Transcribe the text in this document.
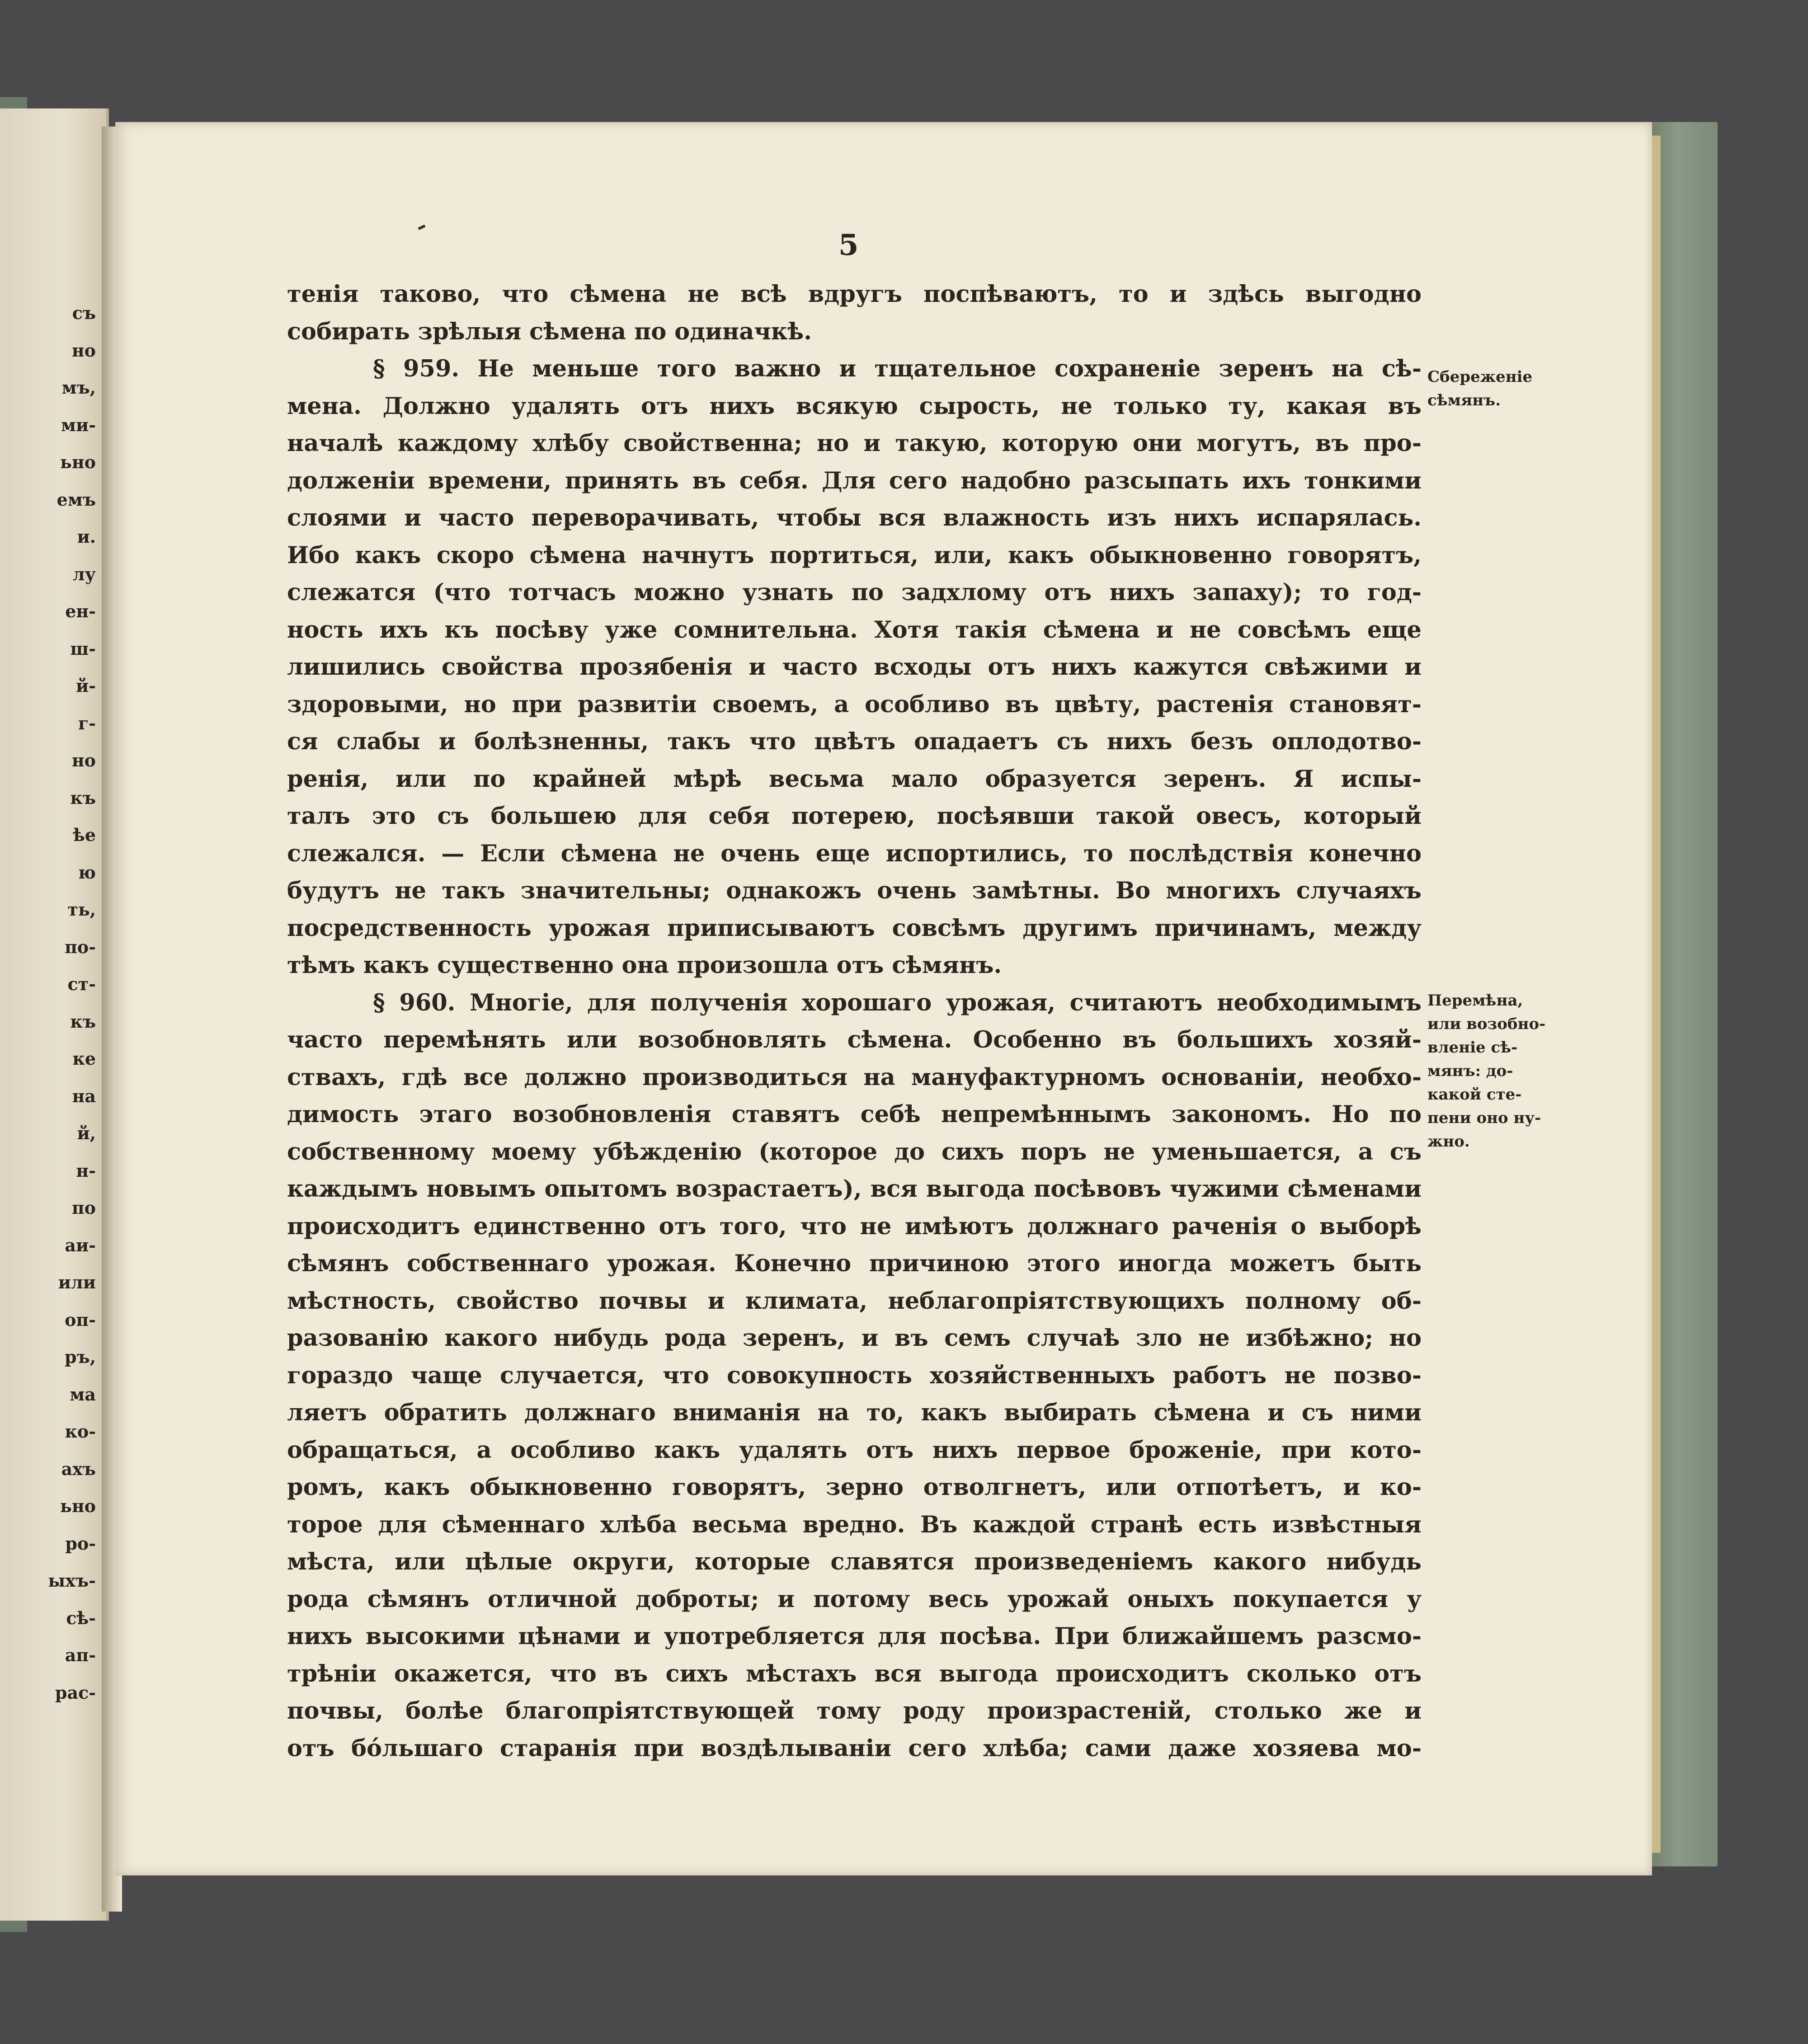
съ
но
мъ,
ми-
ьно
емъ
и.
лу
ен-
ш-
й-
г-
но
къ
ѣе
ю
ть,
по-
ст-
къ
ке
на
й,
н-
по
аи-
или
оп-
ръ,
ма
ко-
ахъ
ьно
ро-
ыхъ-
сѣ-
ап-
рас-
5
тенія таково, что сѣмена не всѣ вдругъ поспѣваютъ, то и здѣсь выгодно
собирать зрѣлыя сѣмена по одиначкѣ.
§ 959. Не меньше того важно и тщательное сохраненіе зеренъ на сѣ-
мена. Должно удалять отъ нихъ всякую сырость, не только ту, какая въ
началѣ каждому хлѣбу свойственна; но и такую, которую они могутъ, въ про-
долженіи времени, принять въ себя. Для сего надобно разсыпать ихъ тонкими
слоями и часто переворачивать, чтобы вся влажность изъ нихъ испарялась.
Ибо какъ скоро сѣмена начнутъ портиться, или, какъ обыкновенно говорятъ,
слежатся (что тотчасъ можно узнать по задхлому отъ нихъ запаху); то год-
ность ихъ къ посѣву уже сомнительна. Хотя такія сѣмена и не совсѣмъ еще
лишились свойства прозябенія и часто всходы отъ нихъ кажутся свѣжими и
здоровыми, но при развитіи своемъ, а особливо въ цвѣту, растенія становят-
ся слабы и болѣзненны, такъ что цвѣтъ опадаетъ съ нихъ безъ оплодотво-
ренія, или по крайней мѣрѣ весьма мало образуется зеренъ. Я испы-
талъ это съ большею для себя потерею, посѣявши такой овесъ, который
слежался. — Если сѣмена не очень еще испортились, то послѣдствія конечно
будутъ не такъ значительны; однакожъ очень замѣтны. Во многихъ случаяхъ
посредственность урожая приписываютъ совсѣмъ другимъ причинамъ, между
тѣмъ какъ существенно она произошла отъ сѣмянъ.
§ 960. Многіе, для полученія хорошаго урожая, считаютъ необходимымъ
часто перемѣнять или возобновлять сѣмена. Особенно въ большихъ хозяй-
ствахъ, гдѣ все должно производиться на мануфактурномъ основаніи, необхо-
димость этаго возобновленія ставятъ себѣ непремѣннымъ закономъ. Но по
собственному моему убѣжденію (которое до сихъ поръ не уменьшается, а съ
каждымъ новымъ опытомъ возрастаетъ), вся выгода посѣвовъ чужими сѣменами
происходитъ единственно отъ того, что не имѣютъ должнаго раченія о выборѣ
сѣмянъ собственнаго урожая. Конечно причиною этого иногда можетъ быть
мѣстность, свойство почвы и климата, неблагопріятствующихъ полному об-
разованію какого нибудь рода зеренъ, и въ семъ случаѣ зло не избѣжно; но
гораздо чаще случается, что совокупность хозяйственныхъ работъ не позво-
ляетъ обратить должнаго вниманія на то, какъ выбирать сѣмена и съ ними
обращаться, а особливо какъ удалять отъ нихъ первое броженіе, при кото-
ромъ, какъ обыкновенно говорятъ, зерно отволгнетъ, или отпотѣетъ, и ко-
торое для сѣменнаго хлѣба весьма вредно. Въ каждой странѣ есть извѣстныя
мѣста, или цѣлые округи, которые славятся произведеніемъ какого нибудь
рода сѣмянъ отличной доброты; и потому весь урожай оныхъ покупается у
нихъ высокими цѣнами и употребляется для посѣва. При ближайшемъ разсмо-
трѣніи окажется, что въ сихъ мѣстахъ вся выгода происходитъ сколько отъ
почвы, болѣе благопріятствующей тому роду произрастеній, столько же и
отъ бо́льшаго старанія при воздѣлываніи сего хлѣба; сами даже хозяева мо-
Сбереженіе
сѣмянъ.
Перемѣна,
или возобно-
вленіе сѣ-
мянъ: до-
какой сте-
пени оно ну-
жно.
